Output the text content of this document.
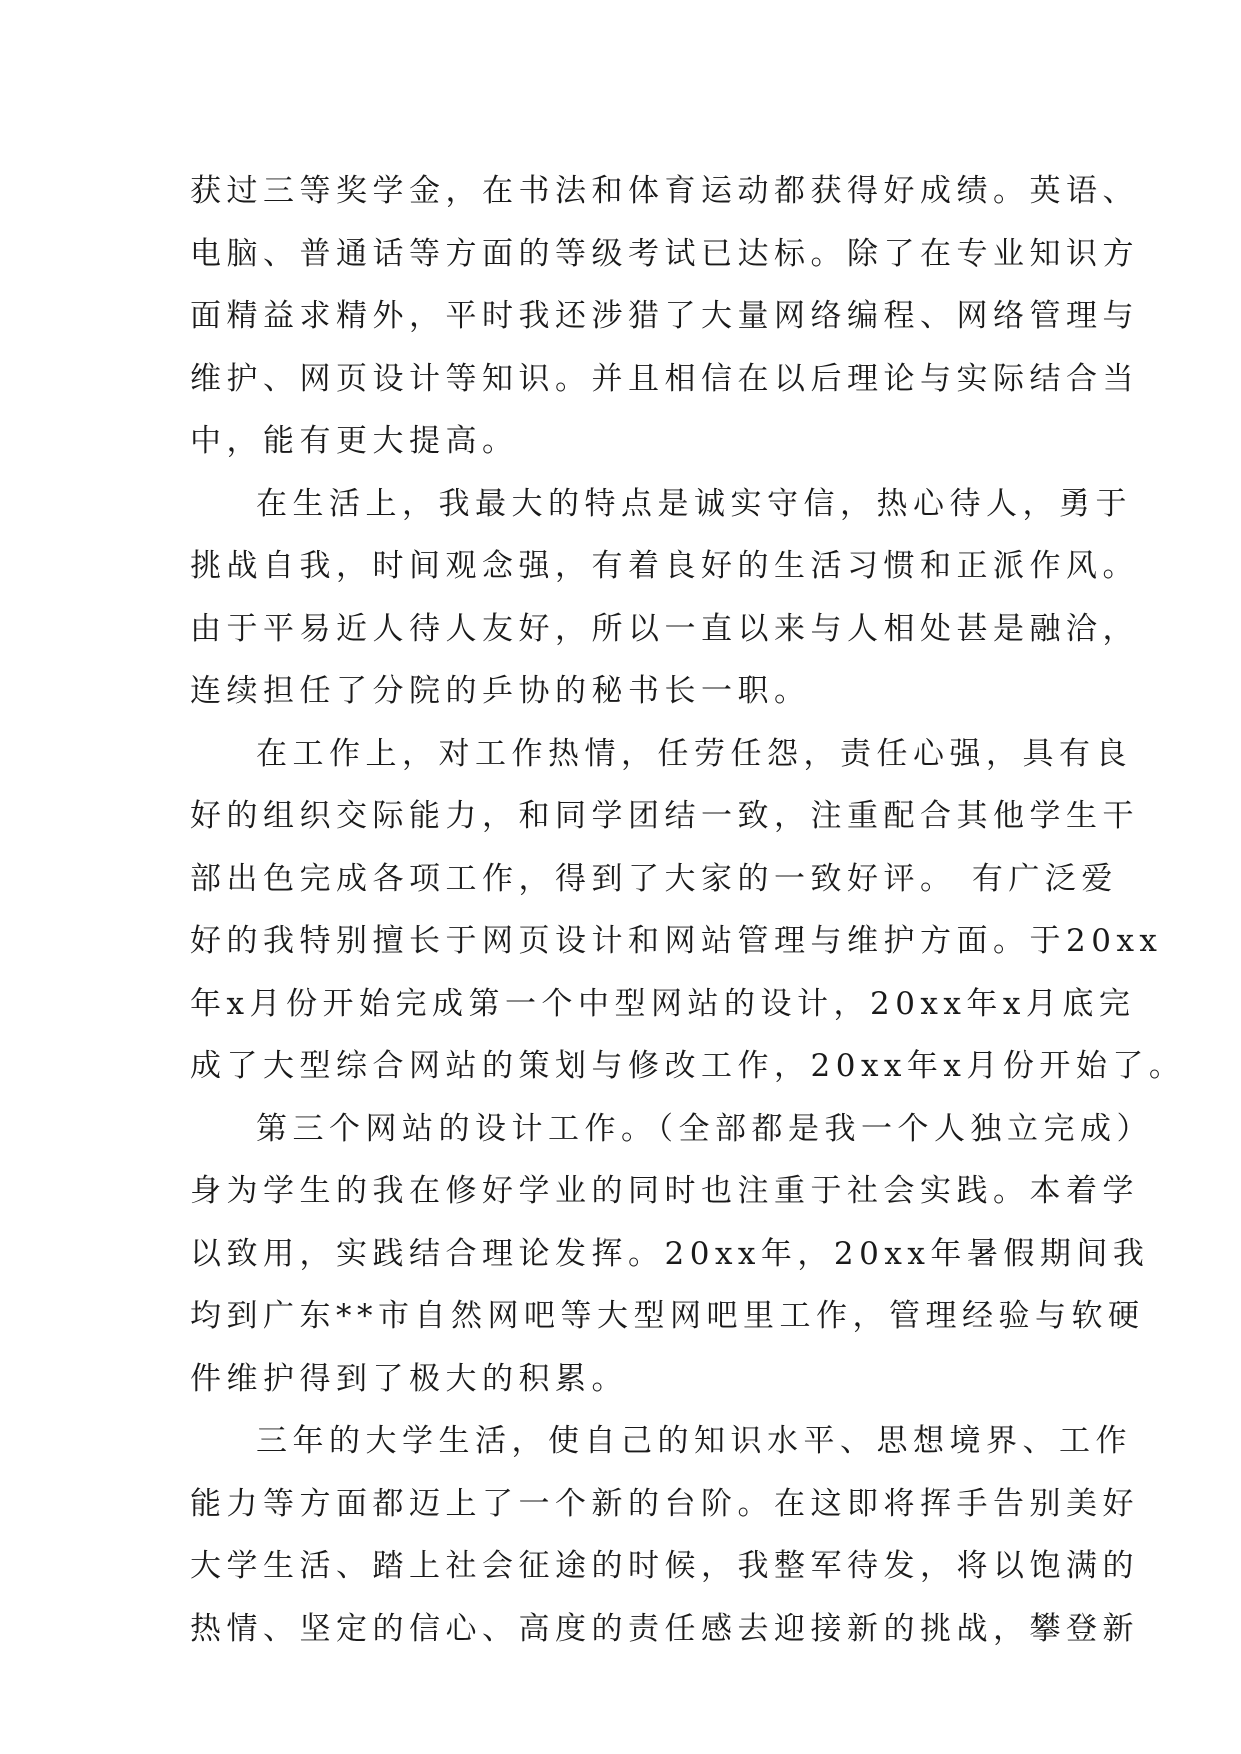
获过三等奖学金，在书法和体育运动都获得好成绩。英语、
电脑、普通话等方面的等级考试已达标。除了在专业知识方
面精益求精外，平时我还涉猎了大量网络编程、网络管理与
维护、网页设计等知识。并且相信在以后理论与实际结合当
中，能有更大提高。
在生活上，我最大的特点是诚实守信，热心待人，勇于
挑战自我，时间观念强，有着良好的生活习惯和正派作风。
由于平易近人待人友好，所以一直以来与人相处甚是融洽，
连续担任了分院的乒协的秘书长一职。
在工作上，对工作热情，任劳任怨，责任心强，具有良
好的组织交际能力，和同学团结一致，注重配合其他学生干
部出色完成各项工作，得到了大家的一致好评。 有广泛爱
好的我特别擅长于网页设计和网站管理与维护方面。于20xx
年x月份开始完成第一个中型网站的设计，20xx年x月底完
成了大型综合网站的策划与修改工作，20xx年x月份开始了。
第三个网站的设计工作。（全部都是我一个人独立完成）
身为学生的我在修好学业的同时也注重于社会实践。本着学
以致用，实践结合理论发挥。20xx年，20xx年暑假期间我
均到广东**市自然网吧等大型网吧里工作，管理经验与软硬
件维护得到了极大的积累。
三年的大学生活，使自己的知识水平、思想境界、工作
能力等方面都迈上了一个新的台阶。在这即将挥手告别美好
大学生活、踏上社会征途的时候，我整军待发，将以饱满的
热情、坚定的信心、高度的责任感去迎接新的挑战，攀登新
